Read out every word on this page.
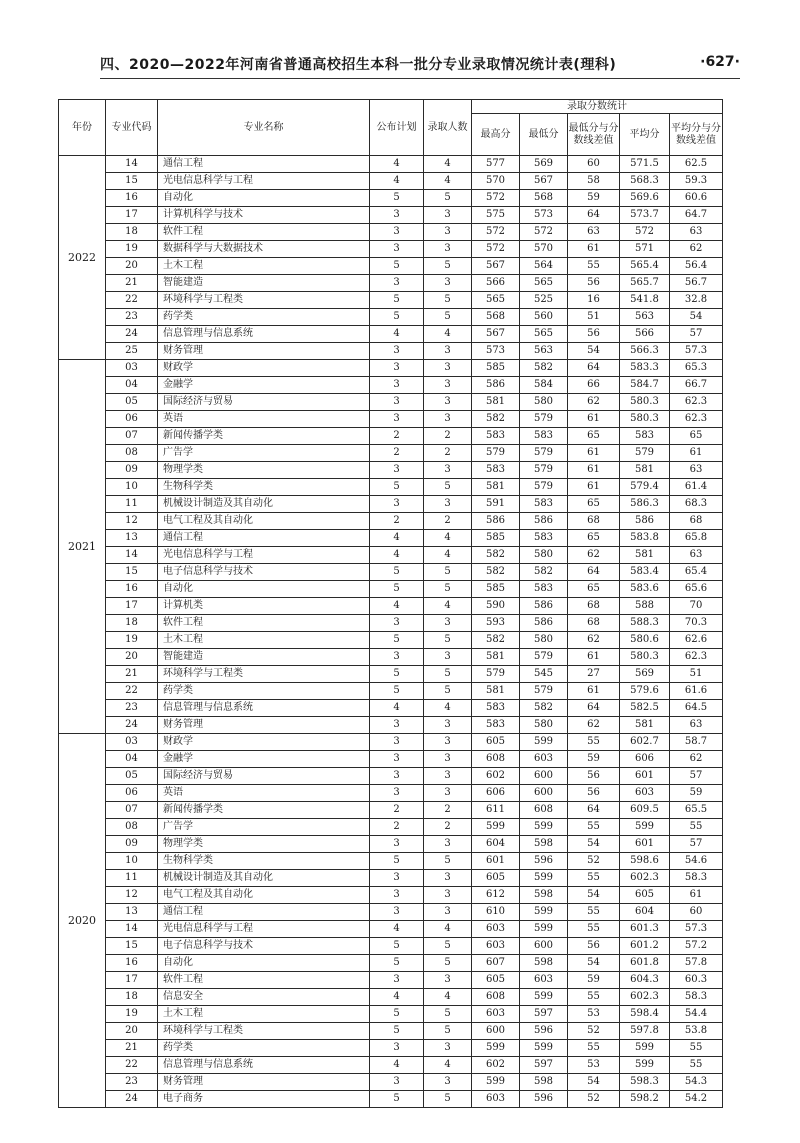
四、2020—2022年河南省普通高校招生本科一批分专业录取情况统计表(理科)	·627·
年份	专业代码	专业名称	公布计划	录取人数	录取分数统计				
					最高分	最低分	最低分与分数线差值	平均分	平均分与分数线差值
2022	14	通信工程	4	4	577	569	60	571.5	62.5
	15	光电信息科学与工程	4	4	570	567	58	568.3	59.3
	16	自动化	5	5	572	568	59	569.6	60.6
	17	计算机科学与技术	3	3	575	573	64	573.7	64.7
	18	软件工程	3	3	572	572	63	572	63
	19	数据科学与大数据技术	3	3	572	570	61	571	62
	20	土木工程	5	5	567	564	55	565.4	56.4
	21	智能建造	3	3	566	565	56	565.7	56.7
	22	环境科学与工程类	5	5	565	525	16	541.8	32.8
	23	药学类	5	5	568	560	51	563	54
	24	信息管理与信息系统	4	4	567	565	56	566	57
	25	财务管理	3	3	573	563	54	566.3	57.3
2021	03	财政学	3	3	585	582	64	583.3	65.3
	04	金融学	3	3	586	584	66	584.7	66.7
	05	国际经济与贸易	3	3	581	580	62	580.3	62.3
	06	英语	3	3	582	579	61	580.3	62.3
	07	新闻传播学类	2	2	583	583	65	583	65
	08	广告学	2	2	579	579	61	579	61
	09	物理学类	3	3	583	579	61	581	63
	10	生物科学类	5	5	581	579	61	579.4	61.4
	11	机械设计制造及其自动化	3	3	591	583	65	586.3	68.3
	12	电气工程及其自动化	2	2	586	586	68	586	68
	13	通信工程	4	4	585	583	65	583.8	65.8
	14	光电信息科学与工程	4	4	582	580	62	581	63
	15	电子信息科学与技术	5	5	582	582	64	583.4	65.4
	16	自动化	5	5	585	583	65	583.6	65.6
	17	计算机类	4	4	590	586	68	588	70
	18	软件工程	3	3	593	586	68	588.3	70.3
	19	土木工程	5	5	582	580	62	580.6	62.6
	20	智能建造	3	3	581	579	61	580.3	62.3
	21	环境科学与工程类	5	5	579	545	27	569	51
	22	药学类	5	5	581	579	61	579.6	61.6
	23	信息管理与信息系统	4	4	583	582	64	582.5	64.5
	24	财务管理	3	3	583	580	62	581	63
2020	03	财政学	3	3	605	599	55	602.7	58.7
	04	金融学	3	3	608	603	59	606	62
	05	国际经济与贸易	3	3	602	600	56	601	57
	06	英语	3	3	606	600	56	603	59
	07	新闻传播学类	2	2	611	608	64	609.5	65.5
	08	广告学	2	2	599	599	55	599	55
	09	物理学类	3	3	604	598	54	601	57
	10	生物科学类	5	5	601	596	52	598.6	54.6
	11	机械设计制造及其自动化	3	3	605	599	55	602.3	58.3
	12	电气工程及其自动化	3	3	612	598	54	605	61
	13	通信工程	3	3	610	599	55	604	60
	14	光电信息科学与工程	4	4	603	599	55	601.3	57.3
	15	电子信息科学与技术	5	5	603	600	56	601.2	57.2
	16	自动化	5	5	607	598	54	601.8	57.8
	17	软件工程	3	3	605	603	59	604.3	60.3
	18	信息安全	4	4	608	599	55	602.3	58.3
	19	土木工程	5	5	603	597	53	598.4	54.4
	20	环境科学与工程类	5	5	600	596	52	597.8	53.8
	21	药学类	3	3	599	599	55	599	55
	22	信息管理与信息系统	4	4	602	597	53	599	55
	23	财务管理	3	3	599	598	54	598.3	54.3
	24	电子商务	5	5	603	596	52	598.2	54.2
